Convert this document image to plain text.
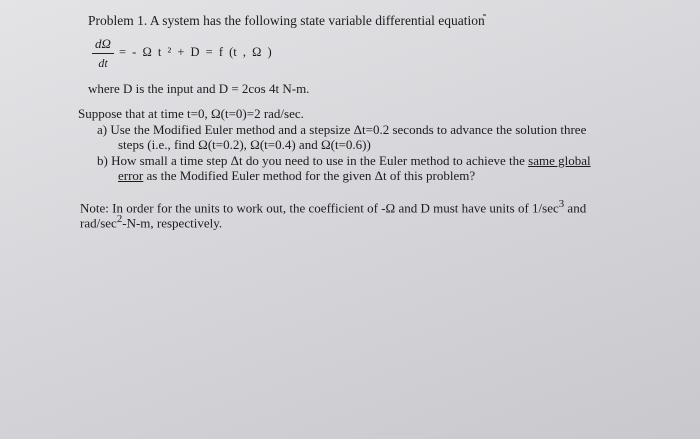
Problem 1. A system has the following state variable differential equation
dΩ
dt
= - Ω t ² + D = f (t , Ω )
where D is the input and D = 2cos 4t N-m.
Suppose that at time t=0, Ω(t=0)=2 rad/sec.
a) Use the Modified Euler method and a stepsize Δt=0.2 seconds to advance the solution three
steps (i.e., find Ω(t=0.2), Ω(t=0.4) and Ω(t=0.6))
b) How small a time step Δt do you need to use in the Euler method to achieve the same global
error as the Modified Euler method for the given Δt of this problem?
Note: In order for the units to work out, the coefficient of -Ω and D must have units of $1/\sec^3$ and
rad/$\sec^2-N-m$, respectively.
